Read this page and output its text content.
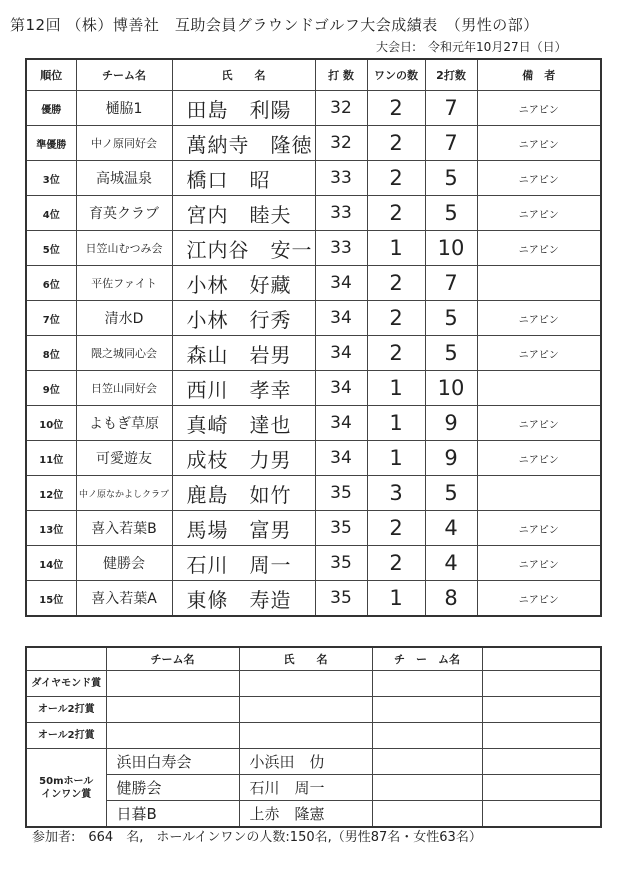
第12回 （株）博善社　互助会員グラウンドゴルフ大会成績表　（男性の部）
大会日:　令和元年10月27日（日）
順位	チーム名	氏　　名	打 数	ワンの数	2打数	備　者
優勝	樋脇1	田島　利陽	32	2	7	ニアピン
準優勝	中ノ原同好会	萬納寺　隆徳	32	2	7	ニアピン
3位	高城温泉	橋口　昭	33	2	5	ニアピン
4位	育英クラブ	宮内　睦夫	33	2	5	ニアピン
5位	日笠山むつみ会	江内谷　安一	33	1	10	ニアピン
6位	平佐ファイト	小林　好藏	34	2	7	
7位	清水D	小林　行秀	34	2	5	ニアピン
8位	隈之城同心会	森山　岩男	34	2	5	ニアピン
9位	日笠山同好会	西川　孝幸	34	1	10	
10位	よもぎ草原	真崎　達也	34	1	9	ニアピン
11位	可愛遊友	成枝　力男	34	1	9	ニアピン
12位	中ノ原なかよしクラブ	鹿島　如竹	35	3	5	
13位	喜入若葉B	馬場　富男	35	2	4	ニアピン
14位	健勝会	石川　周一	35	2	4	ニアピン
15位	喜入若葉A	東條　寿造	35	1	8	ニアピン
	チーム名	氏　　名	チ　ー　ム名	
ダイヤモンド賞				
オール2打賞				
オール2打賞				

50mホール
インワン賞	浜田白寿会	小浜田　仂		
	健勝会	石川　周一		
	日暮B	上赤　隆憲		
参加者:　664　名,　ホールインワンの人数:150名,（男性87名・女性63名）
